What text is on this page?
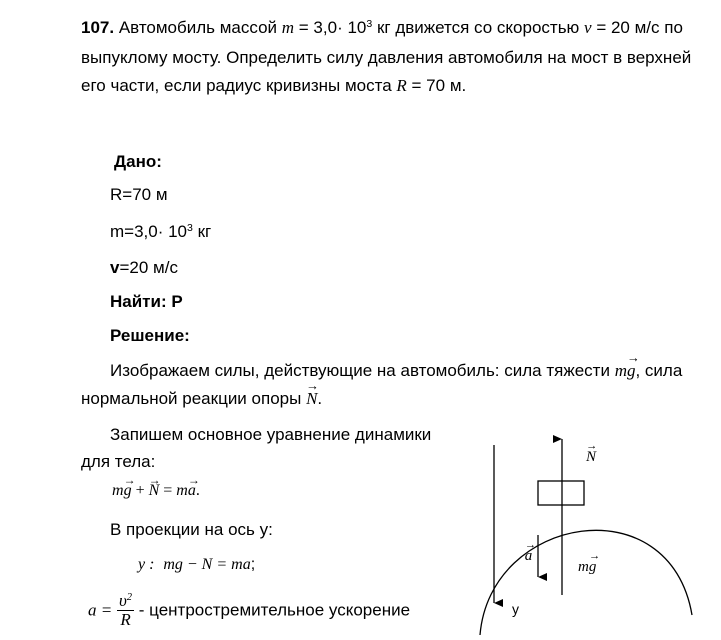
107. Автомобиль массой $m = 3,0\cdot 10^3$ кг движется со скоростью v = 20 м/с по
выпуклому мосту. Определить силу давления автомобиля на мост в верхней
его части, если радиус кривизны моста R = 70 м.
Дано:
R=70 м
$m=3,0\cdot 10^3$ кг
v=20 м/с
Найти: Р
Решение:
Изображаем силы, действующие на автомобиль: сила тяжести m→ g, сила
нормальной реакции опоры → N.
Запишем основное уравнение динамики
для тела:
m→ g + → N = m→ a.
В проекции на ось y:
y : mg − N = ma;
$a = \frac{\upsilon^2}{R}$ - центростремительное ускорение
→ N → a
m→ g
y
